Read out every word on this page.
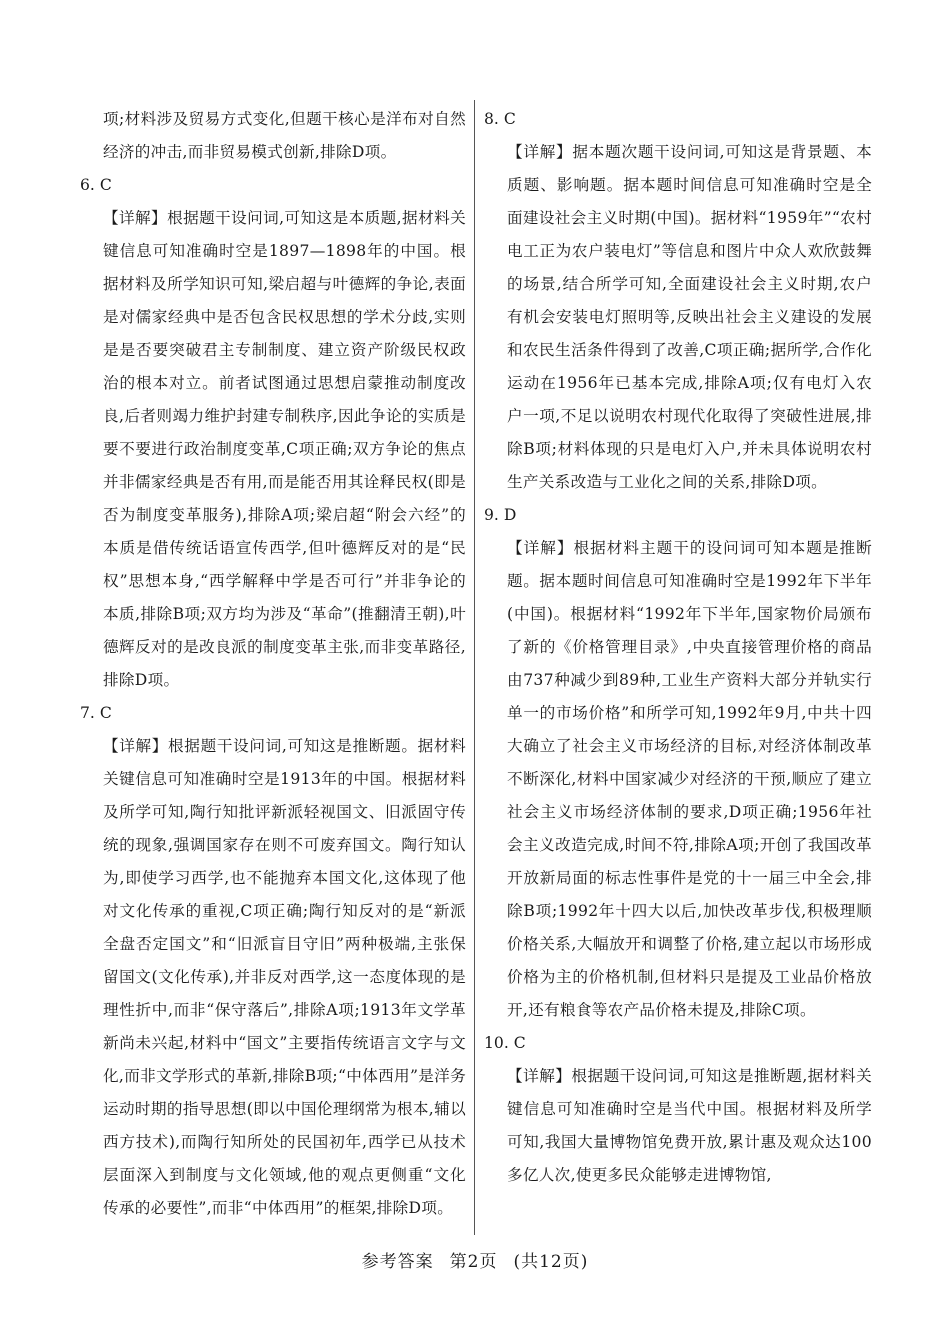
项;材料涉及贸易方式变化,但题干核心是洋布对自然经济的冲击,而非贸易模式创新,排除D项。

6. C

【详解】根据题干设问词,可知这是本质题,据材料关键信息可知准确时空是1897—1898年的中国。根据材料及所学知识可知,梁启超与叶德辉的争论,表面是对儒家经典中是否包含民权思想的学术分歧,实则是是否要突破君主专制制度、建立资产阶级民权政治的根本对立。前者试图通过思想启蒙推动制度改良,后者则竭力维护封建专制秩序,因此争论的实质是要不要进行政治制度变革,C项正确;双方争论的焦点并非儒家经典是否有用,而是能否用其诠释民权(即是否为制度变革服务),排除A项;梁启超“附会六经”的本质是借传统话语宣传西学,但叶德辉反对的是“民权”思想本身,“西学解释中学是否可行”并非争论的本质,排除B项;双方均为涉及“革命”(推翻清王朝),叶德辉反对的是改良派的制度变革主张,而非变革路径,排除D项。

7. C

【详解】根据题干设问词,可知这是推断题。据材料关键信息可知准确时空是1913年的中国。根据材料及所学可知,陶行知批评新派轻视国文、旧派固守传统的现象,强调国家存在则不可废弃国文。陶行知认为,即使学习西学,也不能抛弃本国文化,这体现了他对文化传承的重视,C项正确;陶行知反对的是“新派全盘否定国文”和“旧派盲目守旧”两种极端,主张保留国文(文化传承),并非反对西学,这一态度体现的是理性折中,而非“保守落后”,排除A项;1913年文学革新尚未兴起,材料中“国文”主要指传统语言文字与文化,而非文学形式的革新,排除B项;“中体西用”是洋务运动时期的指导思想(即以中国伦理纲常为根本,辅以西方技术),而陶行知所处的民国初年,西学已从技术层面深入到制度与文化领域,他的观点更侧重“文化传承的必要性”,而非“中体西用”的框架,排除D项。

8. C

【详解】据本题次题干设问词,可知这是背景题、本质题、影响题。据本题时间信息可知准确时空是全面建设社会主义时期(中国)。据材料“1959年”“农村电工正为农户装电灯”等信息和图片中众人欢欣鼓舞的场景,结合所学可知,全面建设社会主义时期,农户有机会安装电灯照明等,反映出社会主义建设的发展和农民生活条件得到了改善,C项正确;据所学,合作化运动在1956年已基本完成,排除A项;仅有电灯入农户一项,不足以说明农村现代化取得了突破性进展,排除B项;材料体现的只是电灯入户,并未具体说明农村生产关系改造与工业化之间的关系,排除D项。

9. D

【详解】根据材料主题干的设问词可知本题是推断题。据本题时间信息可知准确时空是1992年下半年(中国)。根据材料“1992年下半年,国家物价局颁布了新的《价格管理目录》,中央直接管理价格的商品由737种减少到89种,工业生产资料大部分并轨实行单一的市场价格”和所学可知,1992年9月,中共十四大确立了社会主义市场经济的目标,对经济体制改革不断深化,材料中国家减少对经济的干预,顺应了建立社会主义市场经济体制的要求,D项正确;1956年社会主义改造完成,时间不符,排除A项;开创了我国改革开放新局面的标志性事件是党的十一届三中全会,排除B项;1992年十四大以后,加快改革步伐,积极理顺价格关系,大幅放开和调整了价格,建立起以市场形成价格为主的价格机制,但材料只是提及工业品价格放开,还有粮食等农产品价格未提及,排除C项。

10. C

【详解】根据题干设问词,可知这是推断题,据材料关键信息可知准确时空是当代中国。根据材料及所学可知,我国大量博物馆免费开放,累计惠及观众达100多亿人次,使更多民众能够走进博物馆,

参考答案 第2页 (共12页)
